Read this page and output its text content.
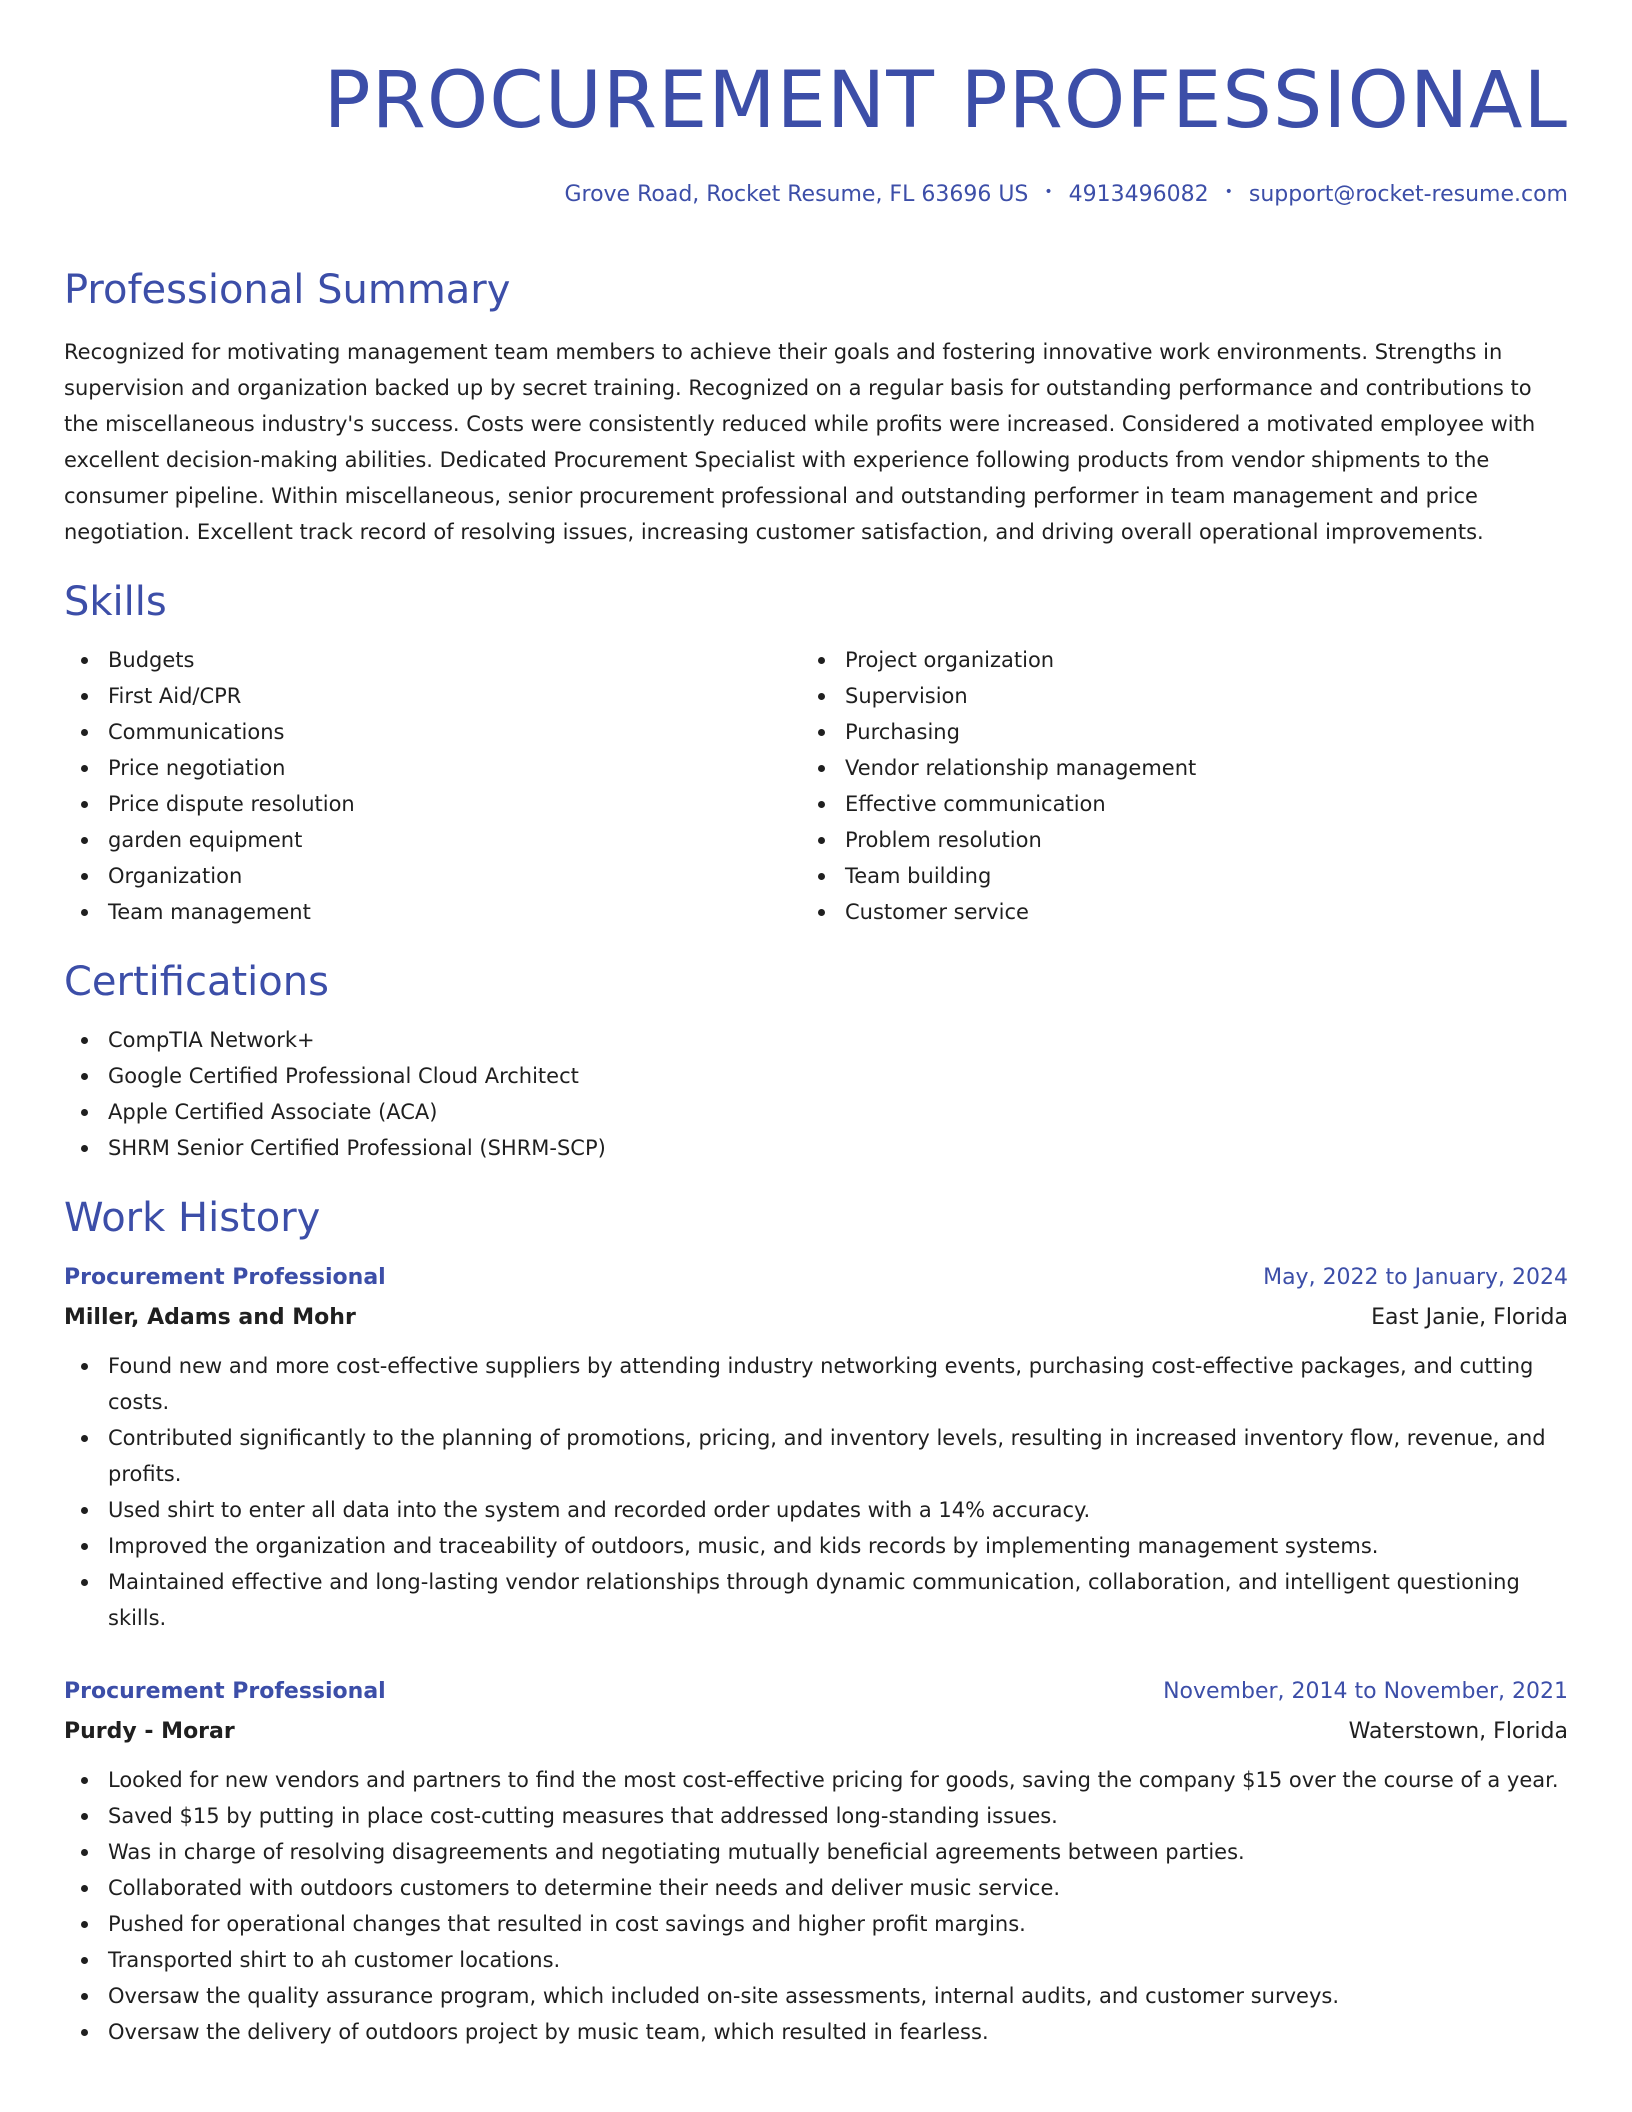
PROCUREMENT PROFESSIONAL
Grove Road, Rocket Resume, FL 63696 US • 4913496082 • support@rocket-resume.com
Professional Summary

Recognized for motivating management team members to achieve their goals and fostering innovative work environments. Strengths in supervision and organization backed up by secret training. Recognized on a regular basis for outstanding performance and contributions to the miscellaneous industry's success. Costs were consistently reduced while profits were increased. Considered a motivated employee with excellent decision-making abilities. Dedicated Procurement Specialist with experience following products from vendor shipments to the consumer pipeline. Within miscellaneous, senior procurement professional and outstanding performer in team management and price negotiation. Excellent track record of resolving issues, increasing customer satisfaction, and driving overall operational improvements.

Skills
Budgets
First Aid/CPR
Communications
Price negotiation
Price dispute resolution
garden equipment
Organization
Team management
Project organization
Supervision
Purchasing
Vendor relationship management
Effective communication
Problem resolution
Team building
Customer service
Certifications
CompTIA Network+
Google Certified Professional Cloud Architect
Apple Certified Associate (ACA)
SHRM Senior Certified Professional (SHRM-SCP)
Work History
Procurement Professional	May, 2022 to January, 2024
Miller, Adams and Mohr	East Janie, Florida
Found new and more cost-effective suppliers by attending industry networking events, purchasing cost-effective packages, and cutting costs.
Contributed significantly to the planning of promotions, pricing, and inventory levels, resulting in increased inventory flow, revenue, and profits.
Used shirt to enter all data into the system and recorded order updates with a 14% accuracy.
Improved the organization and traceability of outdoors, music, and kids records by implementing management systems.
Maintained effective and long-lasting vendor relationships through dynamic communication, collaboration, and intelligent questioning skills.
Procurement Professional	November, 2014 to November, 2021
Purdy - Morar	Waterstown, Florida
Looked for new vendors and partners to find the most cost-effective pricing for goods, saving the company $15 over the course of a year.
Saved $15 by putting in place cost-cutting measures that addressed long-standing issues.
Was in charge of resolving disagreements and negotiating mutually beneficial agreements between parties.
Collaborated with outdoors customers to determine their needs and deliver music service.
Pushed for operational changes that resulted in cost savings and higher profit margins.
Transported shirt to ah customer locations.
Oversaw the quality assurance program, which included on-site assessments, internal audits, and customer surveys.
Oversaw the delivery of outdoors project by music team, which resulted in fearless.
